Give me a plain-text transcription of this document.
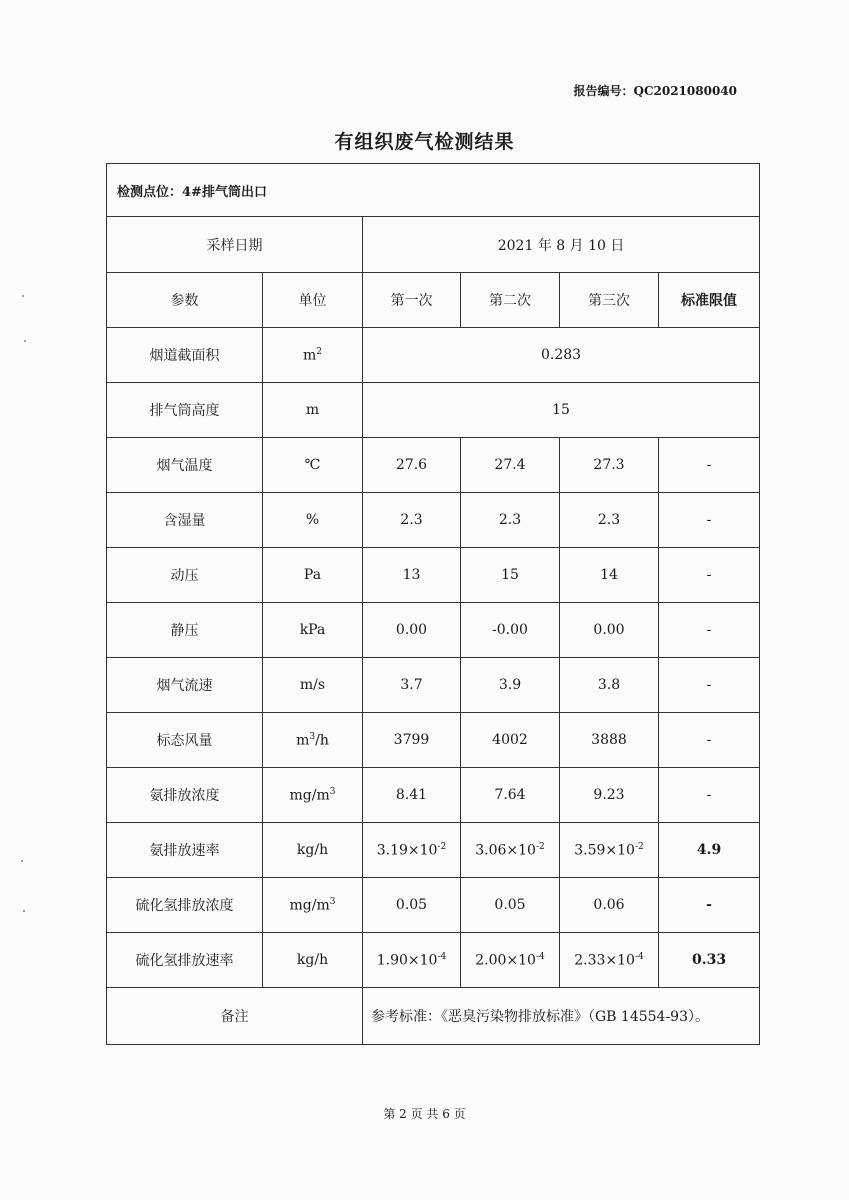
报告编号：QC2021080040
有组织废气检测结果
检测点位：4#排气筒出口					
采样日期		2021 年 8 月 10 日			
参数	单位	第一次	第二次	第三次	标准限值
烟道截面积	$m^2$	0.283			
排气筒高度	m	15			
烟气温度	℃	27.6	27.4	27.3	-
含湿量	%	2.3	2.3	2.3	-
动压	Pa	13	15	14	-
静压	kPa	0.00	-0.00	0.00	-
烟气流速	m/s	3.7	3.9	3.8	-
标态风量	$m^3/h$	3799	4002	3888	-
氨排放浓度	$mg/m^3$	8.41	7.64	9.23	-
氨排放速率	kg/h	$3.19\times 10^{-2}$	$3.06\times 10^{-2}$	$3.59\times 10^{-2}$	4.9
硫化氢排放浓度	$mg/m^3$	0.05	0.05	0.06	-
硫化氢排放速率	kg/h	$1.90\times 10^{-4}$	$2.00\times 10^{-4}$	$2.33\times 10^{-4}$	0.33
备注		参考标准：《恶臭污染物排放标准》（GB 14554-93）。			
第 2 页 共 6 页
